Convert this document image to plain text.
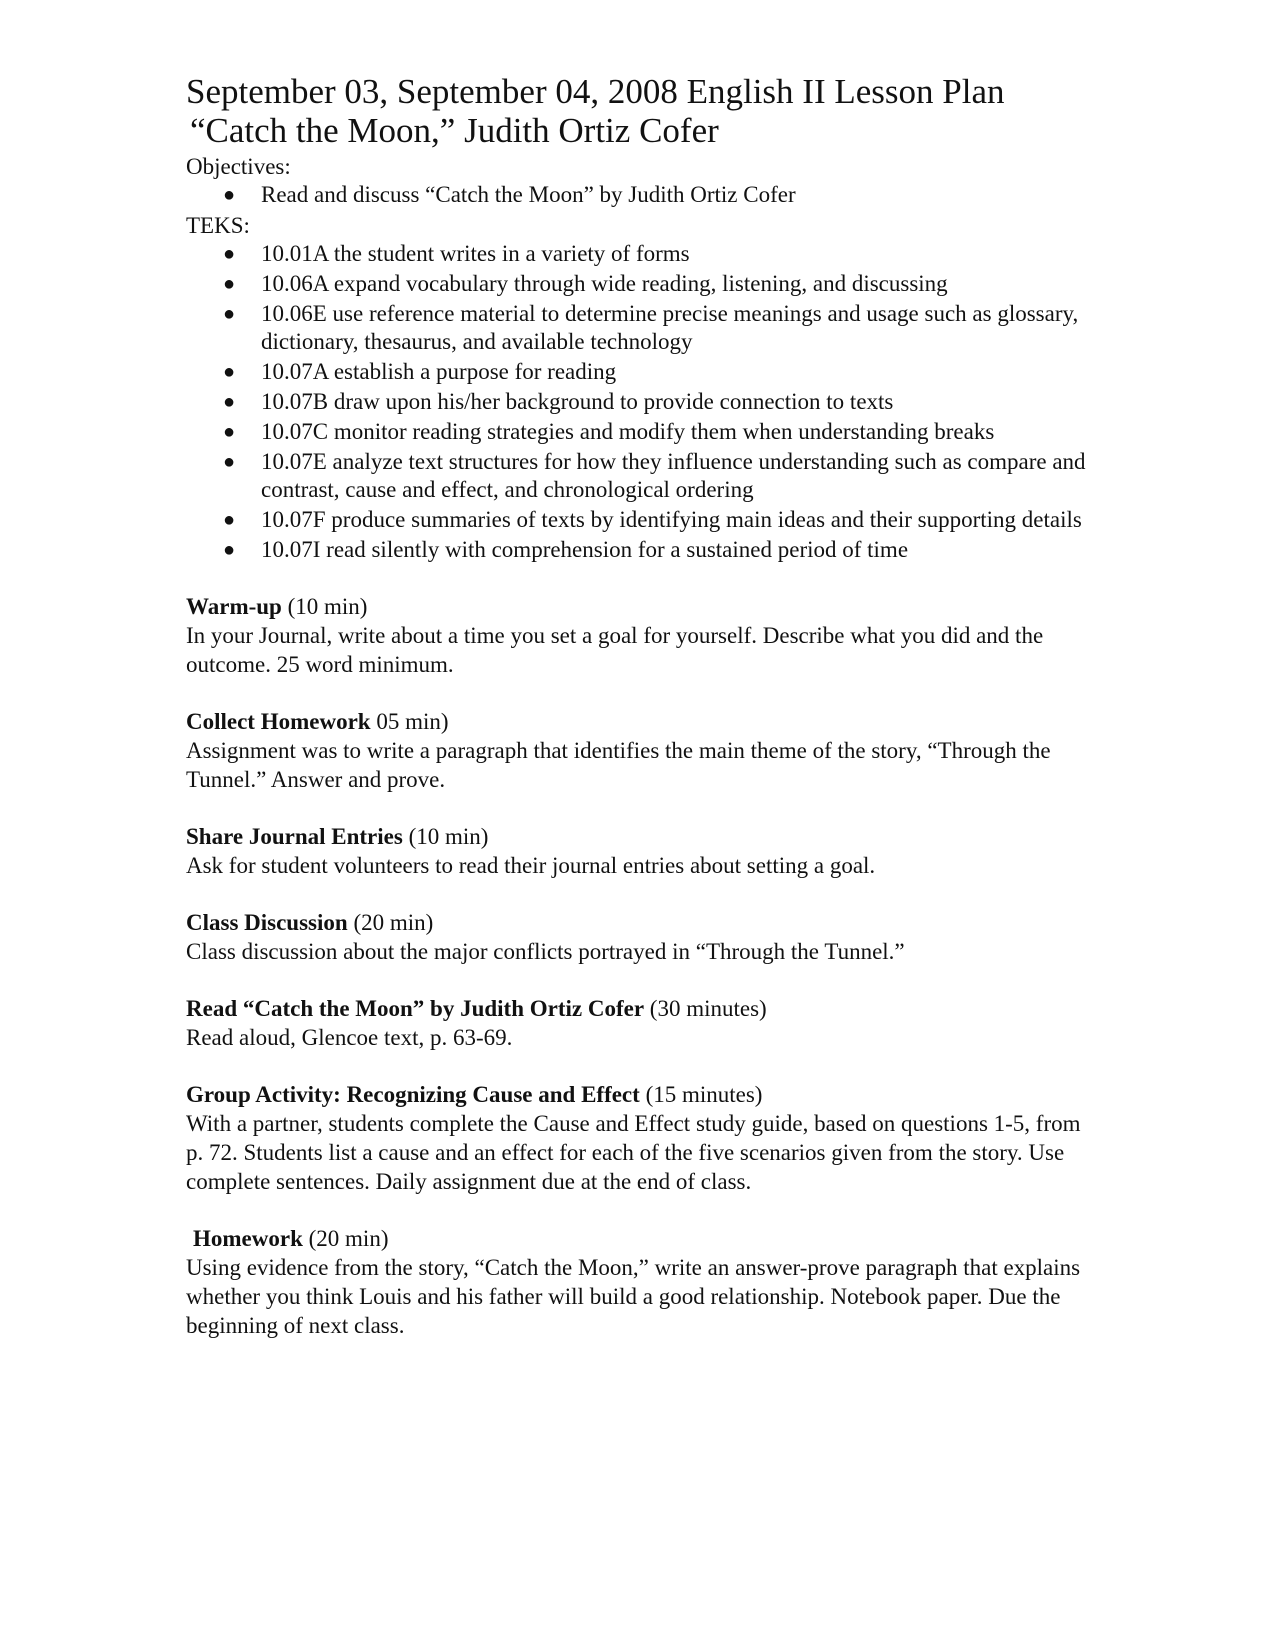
September 03, September 04, 2008 English II Lesson Plan
“Catch the Moon,” Judith Ortiz Cofer
Objectives:
● Read and discuss “Catch the Moon” by Judith Ortiz Cofer
TEKS:
● 10.01A the student writes in a variety of forms
● 10.06A expand vocabulary through wide reading, listening, and discussing
● 10.06E use reference material to determine precise meanings and usage such as glossary, dictionary, thesaurus, and available technology
● 10.07A establish a purpose for reading
● 10.07B draw upon his/her background to provide connection to texts
● 10.07C monitor reading strategies and modify them when understanding breaks
● 10.07E analyze text structures for how they influence understanding such as compare and contrast, cause and effect, and chronological ordering
● 10.07F produce summaries of texts by identifying main ideas and their supporting details
● 10.07I read silently with comprehension for a sustained period of time
Warm-up (10 min)

In your Journal, write about a time you set a goal for yourself. Describe what you did and the outcome. 25 word minimum.

Collect Homework 05 min)

Assignment was to write a paragraph that identifies the main theme of the story, “Through the Tunnel.” Answer and prove.

Share Journal Entries (10 min)

Ask for student volunteers to read their journal entries about setting a goal.

Class Discussion (20 min)

Class discussion about the major conflicts portrayed in “Through the Tunnel.”

Read “Catch the Moon” by Judith Ortiz Cofer (30 minutes)

Read aloud, Glencoe text, p. 63-69.

Group Activity: Recognizing Cause and Effect (15 minutes)

With a partner, students complete the Cause and Effect study guide, based on questions 1-5, from p. 72. Students list a cause and an effect for each of the five scenarios given from the story. Use complete sentences. Daily assignment due at the end of class.

Homework (20 min)

Using evidence from the story, “Catch the Moon,” write an answer-prove paragraph that explains whether you think Louis and his father will build a good relationship. Notebook paper. Due the beginning of next class.
